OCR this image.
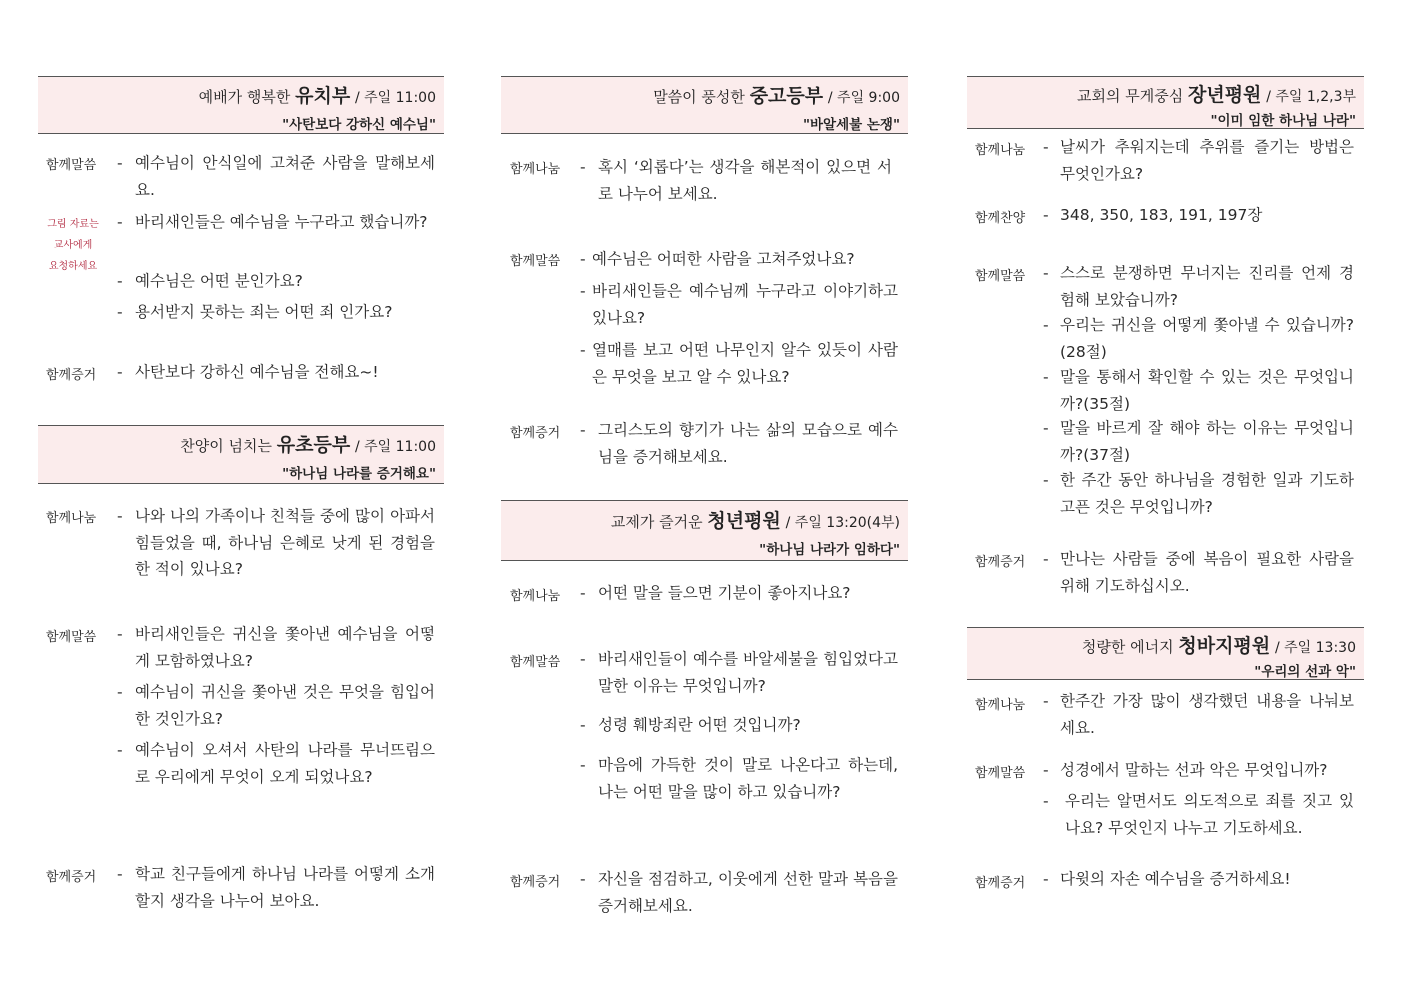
예배가 행복한 유치부 / 주일 11:00
"사탄보다 강하신 예수님"
함께말씀
그림 자료는
교사에게
요청하세요
- 예수님이 안식일에 고쳐준 사람을 말해보세요.
- 바리새인들은 예수님을 누구라고 했습니까?
- 예수님은 어떤 분인가요?
- 용서받지 못하는 죄는 어떤 죄 인가요?
함께증거 - 사탄보다 강하신 예수님을 전해요~!
찬양이 넘치는 유초등부 / 주일 11:00
"하나님 나라를 증거해요"
함께나눔 - 나와 나의 가족이나 친척들 중에 많이 아파서 힘들었을 때, 하나님 은혜로 낫게 된 경험을 한 적이 있나요?
함께말씀 - 바리새인들은 귀신을 쫓아낸 예수님을 어떻게 모함하였나요?
- 예수님이 귀신을 쫓아낸 것은 무엇을 힘입어 한 것인가요?
- 예수님이 오셔서 사탄의 나라를 무너뜨림으로 우리에게 무엇이 오게 되었나요?
함께증거 - 학교 친구들에게 하나님 나라를 어떻게 소개할지 생각을 나누어 보아요.
말씀이 풍성한 중고등부 / 주일 9:00
"바알세불 논쟁"
함께나눔 - 혹시 ‘외롭다’는 생각을 해본적이 있으면 서로 나누어 보세요.
함께말씀 - 예수님은 어떠한 사람을 고쳐주었나요?
- 바리새인들은 예수님께 누구라고 이야기하고 있나요?
- 열매를 보고 어떤 나무인지 알수 있듯이 사람은 무엇을 보고 알 수 있나요?
함께증거 - 그리스도의 향기가 나는 삶의 모습으로 예수님을 증거해보세요.
교제가 즐거운 청년평원 / 주일 13:20(4부)
"하나님 나라가 임하다"
함께나눔 - 어떤 말을 들으면 기분이 좋아지나요?
함께말씀 - 바리새인들이 예수를 바알세불을 힘입었다고 말한 이유는 무엇입니까?
- 성령 훼방죄란 어떤 것입니까?
- 마음에 가득한 것이 말로 나온다고 하는데, 나는 어떤 말을 많이 하고 있습니까?
함께증거 - 자신을 점검하고, 이웃에게 선한 말과 복음을 증거해보세요.
교회의 무게중심 장년평원 / 주일 1,2,3부
"이미 임한 하나님 나라"
함께나눔 - 날씨가 추워지는데 추위를 즐기는 방법은 무엇인가요?
함께찬양 - 348, 350, 183, 191, 197장
함께말씀 - 스스로 분쟁하면 무너지는 진리를 언제 경험해 보았습니까?
- 우리는 귀신을 어떻게 쫓아낼 수 있습니까?(28절)
- 말을 통해서 확인할 수 있는 것은 무엇입니까?(35절)
- 말을 바르게 잘 해야 하는 이유는 무엇입니까?(37절)
- 한 주간 동안 하나님을 경험한 일과 기도하고픈 것은 무엇입니까?
함께증거 - 만나는 사람들 중에 복음이 필요한 사람을 위해 기도하십시오.
청량한 에너지 청바지평원 / 주일 13:30
"우리의 선과 악"
함께나눔 - 한주간 가장 많이 생각했던 내용을 나눠보세요.
함께말씀 - 성경에서 말하는 선과 악은 무엇입니까?
-	우리는 알면서도 의도적으로 죄를 짓고 있나요? 무엇인지 나누고 기도하세요.
함께증거 - 다윗의 자손 예수님을 증거하세요!
